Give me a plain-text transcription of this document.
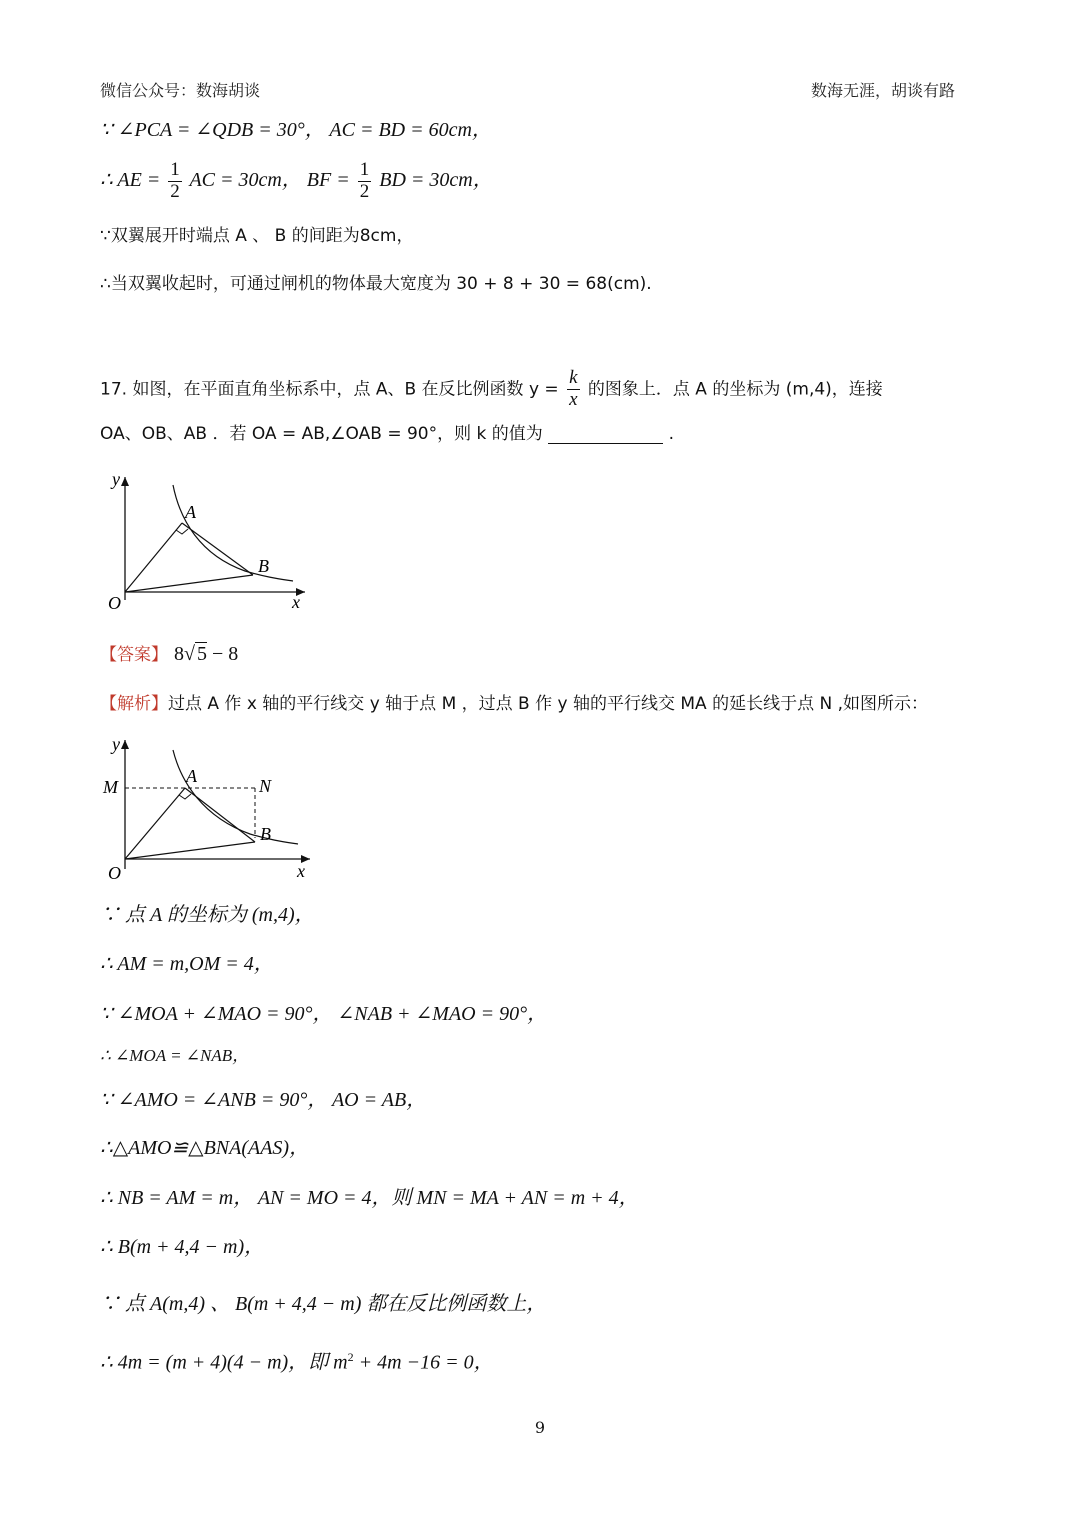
微信公众号：数海胡谈	数海无涯，胡谈有路
∵ ∠PCA = ∠QDB = 30°， AC = BD = 60cm，
∴ AE = $\frac{1}{2}$ AC = 30cm， BF = $\frac{1}{2}$ BD = 30cm，
∵双翼展开时端点 A 、 B 的间距为8cm，
∴当双翼收起时，可通过闸机的物体最大宽度为 30 + 8 + 30 = 68(cm).
17. 如图，在平面直角坐标系中，点 A、B 在反比例函数 $y = \frac{k}{x}$ 的图象上．点 A 的坐标为 (m,4)，连接
OA、OB、AB ．若 OA = AB,∠OAB = 90°，则 k 的值为	.
y
x
O
A
B
【答案】 8√ 5 − 8
【解析】过点 A 作 x 轴的平行线交 y 轴于点 M ，过点 B 作 y 轴的平行线交 MA 的延长线于点 N ,如图所示：
y
x
O
M
A	N
B
∵ 点 A 的坐标为 (m,4)，
∴ AM = m,OM = 4，
∵ ∠MOA + ∠MAO = 90°， ∠NAB + ∠MAO = 90°，
∴ ∠MOA = ∠NAB，
∵ ∠AMO = ∠ANB = 90°， AO = AB，
∴△AMO≌△BNA(AAS)，
∴ NB = AM = m， AN = MO = 4，则 MN = MA + AN = m + 4，
∴ B(m + 4,4 − m)，
∵ 点 A(m,4) 、 B(m + 4,4 − m) 都在反比例函数上，
∴ 4m = (m + 4)(4 − m)，即 $m^2 + 4m -16 = 0$，
9
